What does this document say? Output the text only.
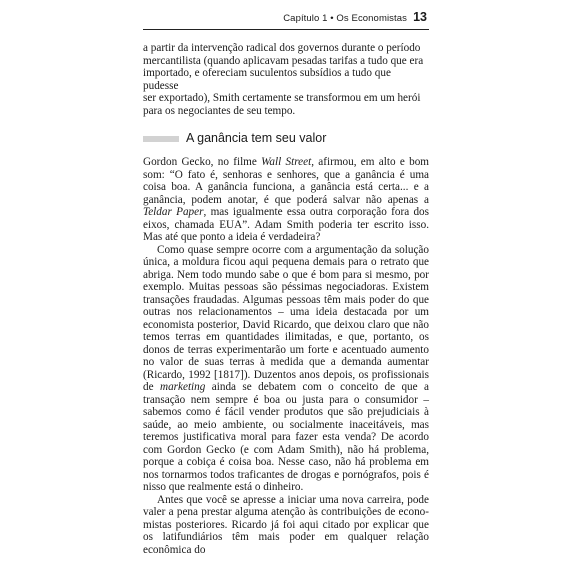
Capítulo 1 • Os Economistas 13

a partir da intervenção radical dos governos durante o período
mercantilista (quando aplicavam pesadas tarifas a tudo que era
importado, e ofereciam suculentos subsídios a tudo que pudesse
ser exportado), Smith certamente se transformou em um herói
para os negociantes de seu tempo.

A ganância tem seu valor

Gordon Gecko, no filme Wall Street, afirmou, em alto e bom som: “O fato é, senhoras e senhores, que a ganância é uma coisa boa. A ganância funciona, a ganância está certa... e a ganância, podem anotar, é que poderá salvar não apenas a Teldar Paper, mas igualmente essa outra corporação fora dos eixos, chamada EUA”. Adam Smith poderia ter escrito isso. Mas até que ponto a ideia é verdadeira?

Como quase sempre ocorre com a argumentação da solução única, a moldura ficou aqui pequena demais para o retrato que abriga. Nem todo mundo sabe o que é bom para si mesmo, por exemplo. Muitas pessoas são péssimas negociadoras. Existem transações fraudadas. Algumas pessoas têm mais poder do que outras nos relacionamentos – uma ideia destacada por um economista posterior, David Ricardo, que deixou claro que não temos terras em quantidades ilimitadas, e que, portanto, os donos de terras experimentarão um forte e acentuado aumento no valor de suas terras à medida que a demanda aumentar (Ricardo, 1992 [1817]). Duzentos anos depois, os profissionais de marketing ainda se debatem com o conceito de que a transação nem sempre é boa ou justa para o consumidor – sabemos como é fácil vender produtos que são prejudiciais à saúde, ao meio ambiente, ou socialmente inaceitáveis, mas teremos justificativa moral para fazer esta venda? De acordo com Gordon Gecko (e com Adam Smith), não há problema, porque a cobiça é coisa boa. Nesse caso, não há problema em nos tornarmos todos traficantes de drogas e pornógrafos, pois é nisso que realmente está o dinheiro.

Antes que você se apresse a iniciar uma nova carreira, pode valer a pena prestar alguma atenção às contribuições de economistas posteriores. Ricardo já foi aqui citado por explicar que os latifundiários têm mais poder em qualquer relação econômica do
